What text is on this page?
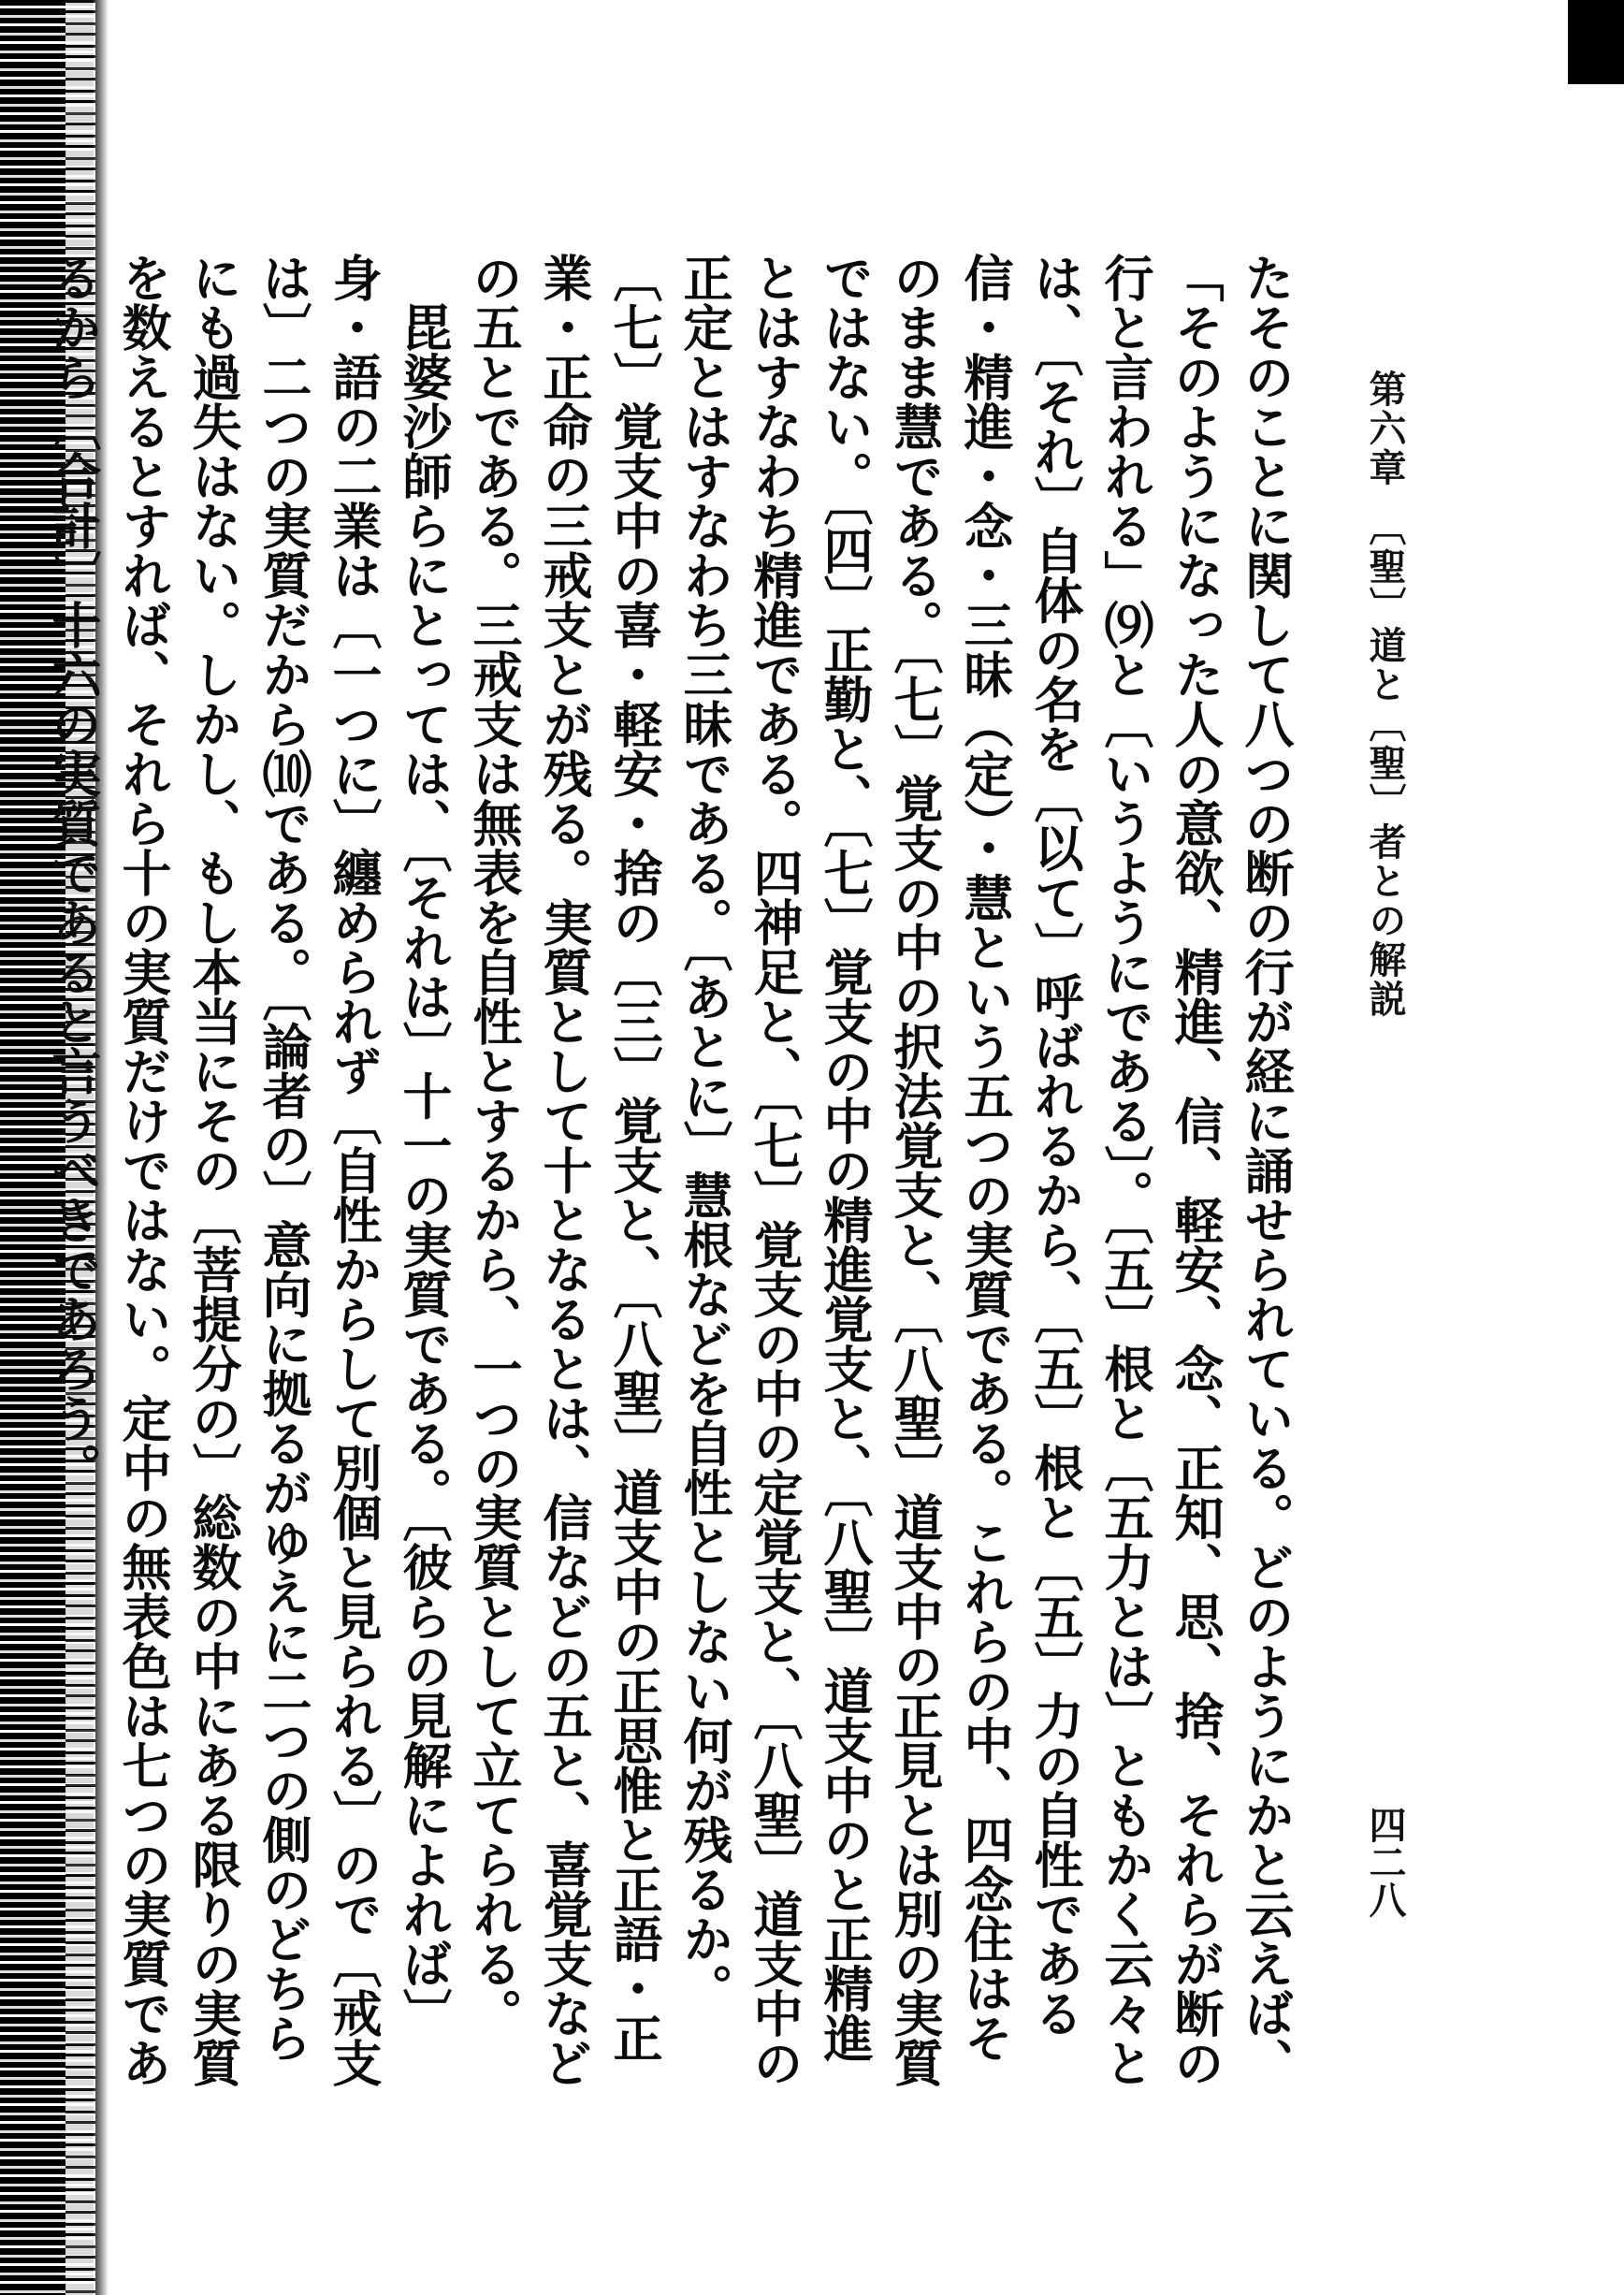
第六章　〔聖〕道と〔聖〕者との解説
四二八

たそのことに関して八つの断の行が経に誦せられている。どのようにかと云えば、「そのようになった人の意欲、精進、信、軽安、念、正知、思、捨、それらが断の行と言われる」⑼と〔いうようにである〕。〔五〕根と〔五力とは〕ともかく云々とは、〔それ〕自体の名を〔以て〕呼ばれるから、〔五〕根と〔五〕力の自性である信・精進・念・三昧（定）・慧という五つの実質である。これらの中、四念住はそのまま慧である。〔七〕覚支の中の択法覚支と、〔八聖〕道支中の正見とは別の実質ではない。〔四〕正勤と、〔七〕覚支の中の精進覚支と、〔八聖〕道支中のと正精進とはすなわち精進である。四神足と、〔七〕覚支の中の定覚支と、〔八聖〕道支中の正定とはすなわち三昧である。〔あとに〕慧根などを自性としない何が残るか。〔七〕覚支中の喜・軽安・捨の〔三〕覚支と、〔八聖〕道支中の正思惟と正語・正業・正命の三戒支とが残る。実質として十となるとは、信などの五と、喜覚支などの五とである。三戒支は無表を自性とするから、一つの実質として立てられる。

毘婆沙師らにとっては、〔それは〕十一の実質である。〔彼らの見解によれば〕身・語の二業は〔一つに〕纏められず〔自性からして別個と見られる〕ので〔戒支は〕二つの実質だから⑽である。〔論者の〕意向に拠るがゆえに二つの側のどちらにも過失はない。しかし、もし本当にその〔菩提分の〕総数の中にある限りの実質を数えるとすれば、それら十の実質だけではない。定中の無表色は七つの実質であるから〔合計〕十六の実質であると言うべきであろう。
